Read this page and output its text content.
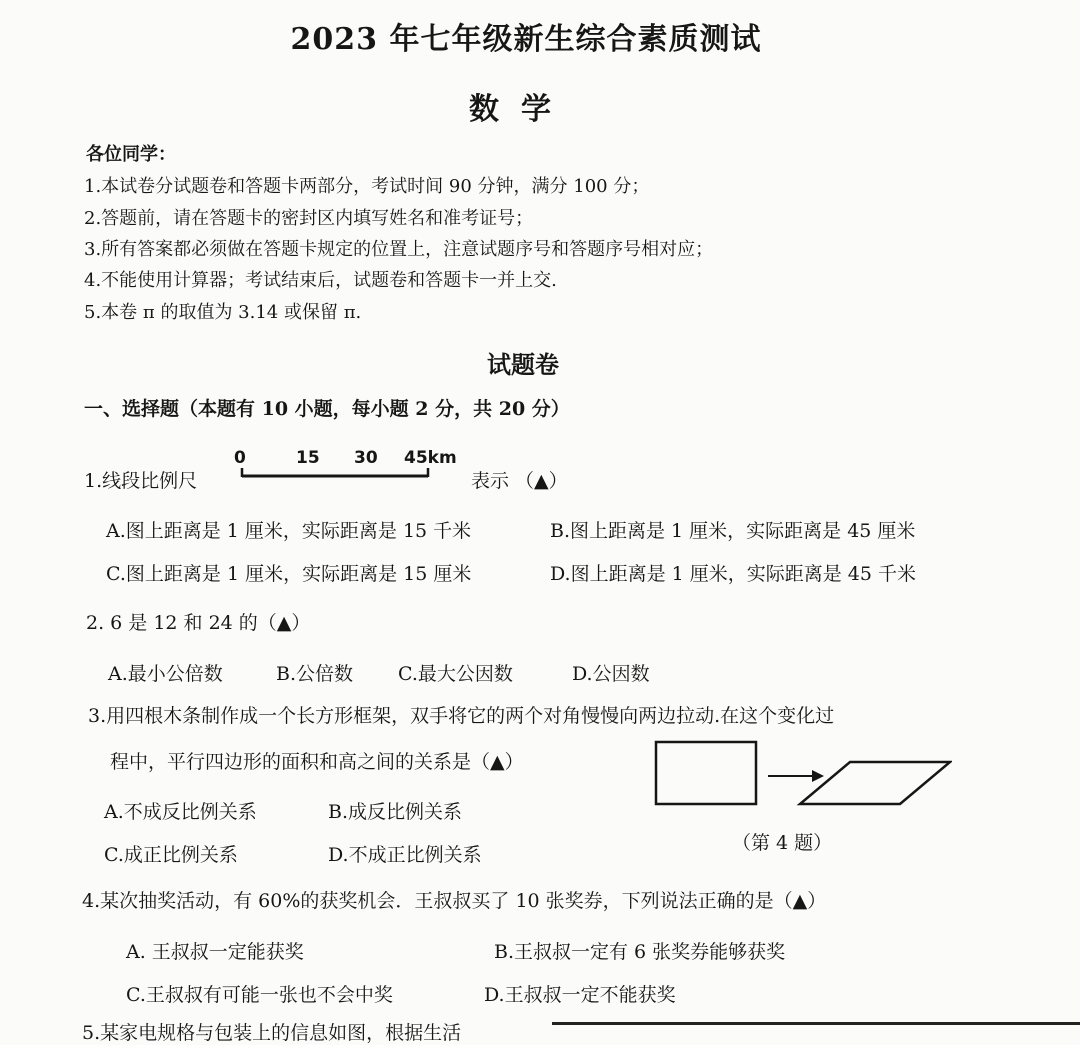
2023 年七年级新生综合素质测试
数学
各位同学：
1.本试卷分试题卷和答题卡两部分，考试时间 90 分钟，满分 100 分；
2.答题前，请在答题卡的密封区内填写姓名和准考证号；
3.所有答案都必须做在答题卡规定的位置上，注意试题序号和答题序号相对应；
4.不能使用计算器；考试结束后，试题卷和答题卡一并上交.
5.本卷 π 的取值为 3.14 或保留 π.
试题卷
一、选择题（本题有 10 小题，每小题 2 分，共 20 分）
1.线段比例尺
0	15 30 45km
表示 （▲）
A.图上距离是 1 厘米，实际距离是 15 千米	B.图上距离是 1 厘米，实际距离是 45 厘米
C.图上距离是 1 厘米，实际距离是 15 厘米	D.图上距离是 1 厘米，实际距离是 45 千米
2. 6 是 12 和 24 的（▲）
A.最小公倍数	B.公倍数 C.最大公因数	D.公因数
3.用四根木条制作成一个长方形框架，双手将它的两个对角慢慢向两边拉动.在这个变化过
程中，平行四边形的面积和高之间的关系是（▲）
A.不成反比例关系	B.成反比例关系
C.成正比例关系	D.不成正比例关系
（第 4 题）
4.某次抽奖活动，有 60%的获奖机会．王叔叔买了 10 张奖券，下列说法正确的是（▲）
A. 王叔叔一定能获奖	B.王叔叔一定有 6 张奖券能够获奖
C.王叔叔有可能一张也不会中奖	D.王叔叔一定不能获奖
5.某家电规格与包装上的信息如图，根据生活
